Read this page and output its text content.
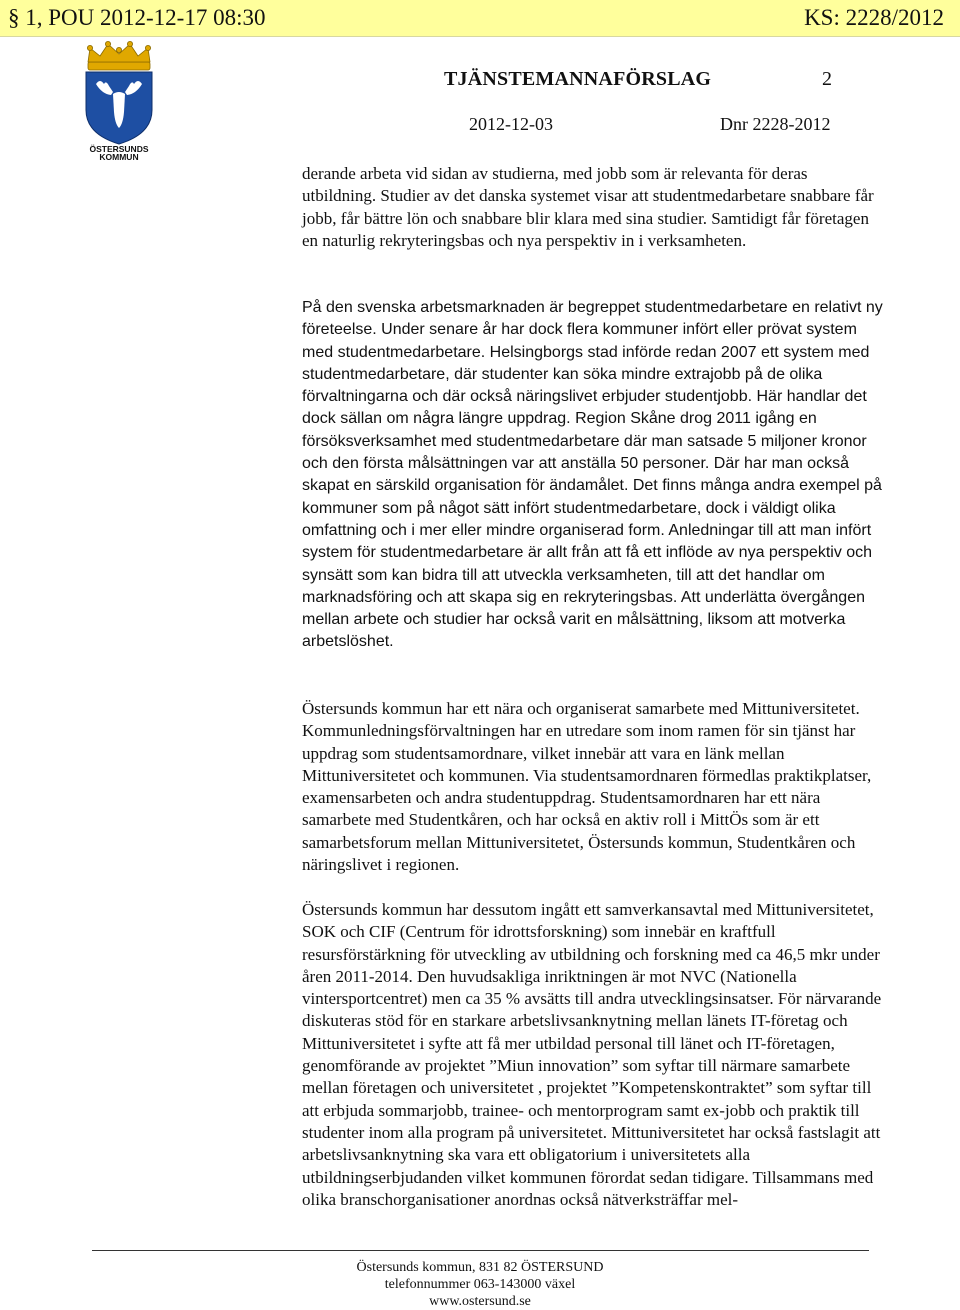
§ 1, POU 2012-12-17 08:30	KS: 2228/2012
ÖSTERSUNDS
KOMMUN
TJÄNSTEMANNAFÖRSLAG	2
2012-12-03	Dnr 2228-2012

derande arbeta vid sidan av studierna, med jobb som är relevanta för deras utbildning. Studier av det danska systemet visar att studentmedarbetare snabbare får jobb, får bättre lön och snabbare blir klara med sina studier. Samtidigt får företagen en naturlig rekryteringsbas och nya perspektiv in i verksamheten.

På den svenska arbetsmarknaden är begreppet studentmedarbetare en relativt ny företeelse. Under senare år har dock flera kommuner infört eller prövat system med studentmedarbetare. Helsingborgs stad införde redan 2007 ett system med studentmedarbetare, där studenter kan söka mindre extrajobb på de olika förvaltningarna och där också näringslivet erbjuder studentjobb. Här handlar det dock sällan om några längre uppdrag. Region Skåne drog 2011 igång en försöksverksamhet med studentmedarbetare där man satsade 5 miljoner kronor och den första målsättningen var att anställa 50 personer. Där har man också skapat en särskild organisation för ändamålet. Det finns många andra exempel på kommuner som på något sätt infört studentmedarbetare, dock i väldigt olika omfattning och i mer eller mindre organiserad form. Anledningar till att man infört system för studentmedarbetare är allt från att få ett inflöde av nya perspektiv och synsätt som kan bidra till att utveckla verksamheten, till att det handlar om marknadsföring och att skapa sig en rekryteringsbas. Att underlätta övergången mellan arbete och studier har också varit en målsättning, liksom att motverka arbetslöshet.

Östersunds kommun har ett nära och organiserat samarbete med Mittuniversitetet. Kommunledningsförvaltningen har en utredare som inom ramen för sin tjänst har uppdrag som studentsamordnare, vilket innebär att vara en länk mellan Mittuniversitetet och kommunen. Via studentsamordnaren förmedlas praktikplatser, examensarbeten och andra studentuppdrag. Studentsamordnaren har ett nära samarbete med Studentkåren, och har också en aktiv roll i MittÖs som är ett samarbetsforum mellan Mittuniversitetet, Östersunds kommun, Studentkåren och näringslivet i regionen.

Östersunds kommun har dessutom ingått ett samverkansavtal med Mittuniversitetet, SOK och CIF (Centrum för idrottsforskning) som innebär en kraftfull resursförstärkning för utveckling av utbildning och forskning med ca 46,5 mkr under åren 2011-2014. Den huvudsakliga inriktningen är mot NVC (Nationella vintersportcentret) men ca 35 % avsätts till andra utvecklingsinsatser. För närvarande diskuteras stöd för en starkare arbetslivsanknytning mellan länets IT-företag och Mittuniversitetet i syfte att få mer utbildad personal till länet och IT-företagen, genomförande av projektet ”Miun innovation” som syftar till närmare samarbete mellan företagen och universitetet , projektet ”Kompetenskontraktet” som syftar till att erbjuda sommarjobb, trainee- och mentorprogram samt ex-jobb och praktik till studenter inom alla program på universitetet. Mittuniversitetet har också fastslagit att arbetslivsanknytning ska vara ett obligatorium i universitetets alla utbildningserbjudanden vilket kommunen förordat sedan tidigare. Tillsammans med olika branschorganisationer anordnas också nätverksträffar mel-

Östersunds kommun, 831 82 ÖSTERSUND
telefonnummer 063-143000 växel
www.ostersund.se
